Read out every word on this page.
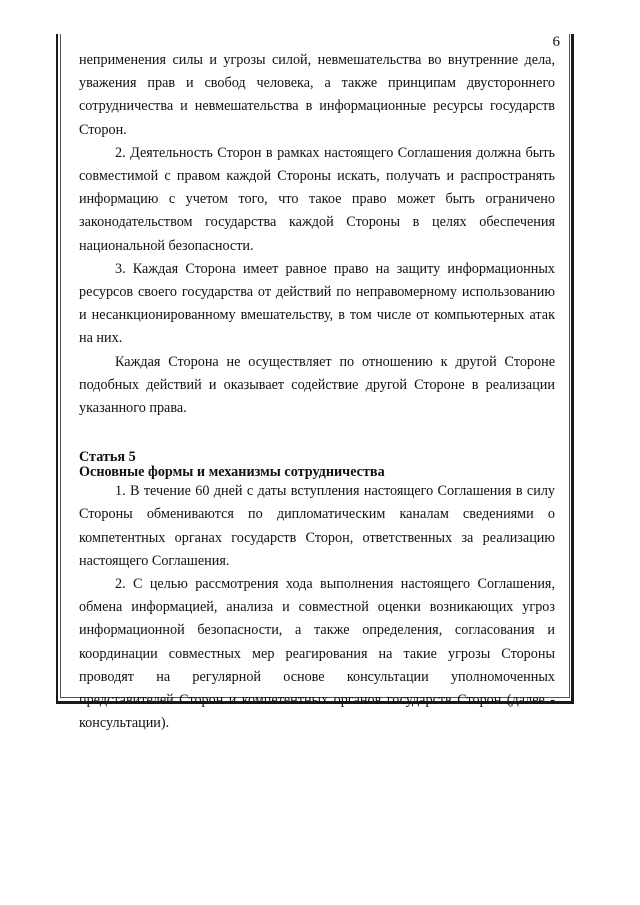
6

неприменения силы и угрозы силой, невмешательства во внутренние дела, уважения прав и свобод человека, а также принципам двустороннего сотрудничества и невмешательства в информационные ресурсы государств Сторон.

2. Деятельность Сторон в рамках настоящего Соглашения должна быть совместимой с правом каждой Стороны искать, получать и распространять информацию с учетом того, что такое право может быть ограничено законодательством государства каждой Стороны в целях обеспечения национальной безопасности.

3. Каждая Сторона имеет равное право на защиту информационных ресурсов своего государства от действий по неправомерному использованию и несанкционированному вмешательству, в том числе от компьютерных атак на них.

Каждая Сторона не осуществляет по отношению к другой Стороне подобных действий и оказывает содействие другой Стороне в реализации указанного права.

Статья 5

Основные формы и механизмы сотрудничества

1. В течение 60 дней с даты вступления настоящего Соглашения в силу Стороны обмениваются по дипломатическим каналам сведениями о компетентных органах государств Сторон, ответственных за реализацию настоящего Соглашения.

2. С целью рассмотрения хода выполнения настоящего Соглашения, обмена информацией, анализа и совместной оценки возникающих угроз информационной безопасности, а также определения, согласования и координации совместных мер реагирования на такие угрозы Стороны проводят на регулярной основе консультации уполномоченных представителей Сторон и компетентных органов государств Сторон (далее - консультации).
